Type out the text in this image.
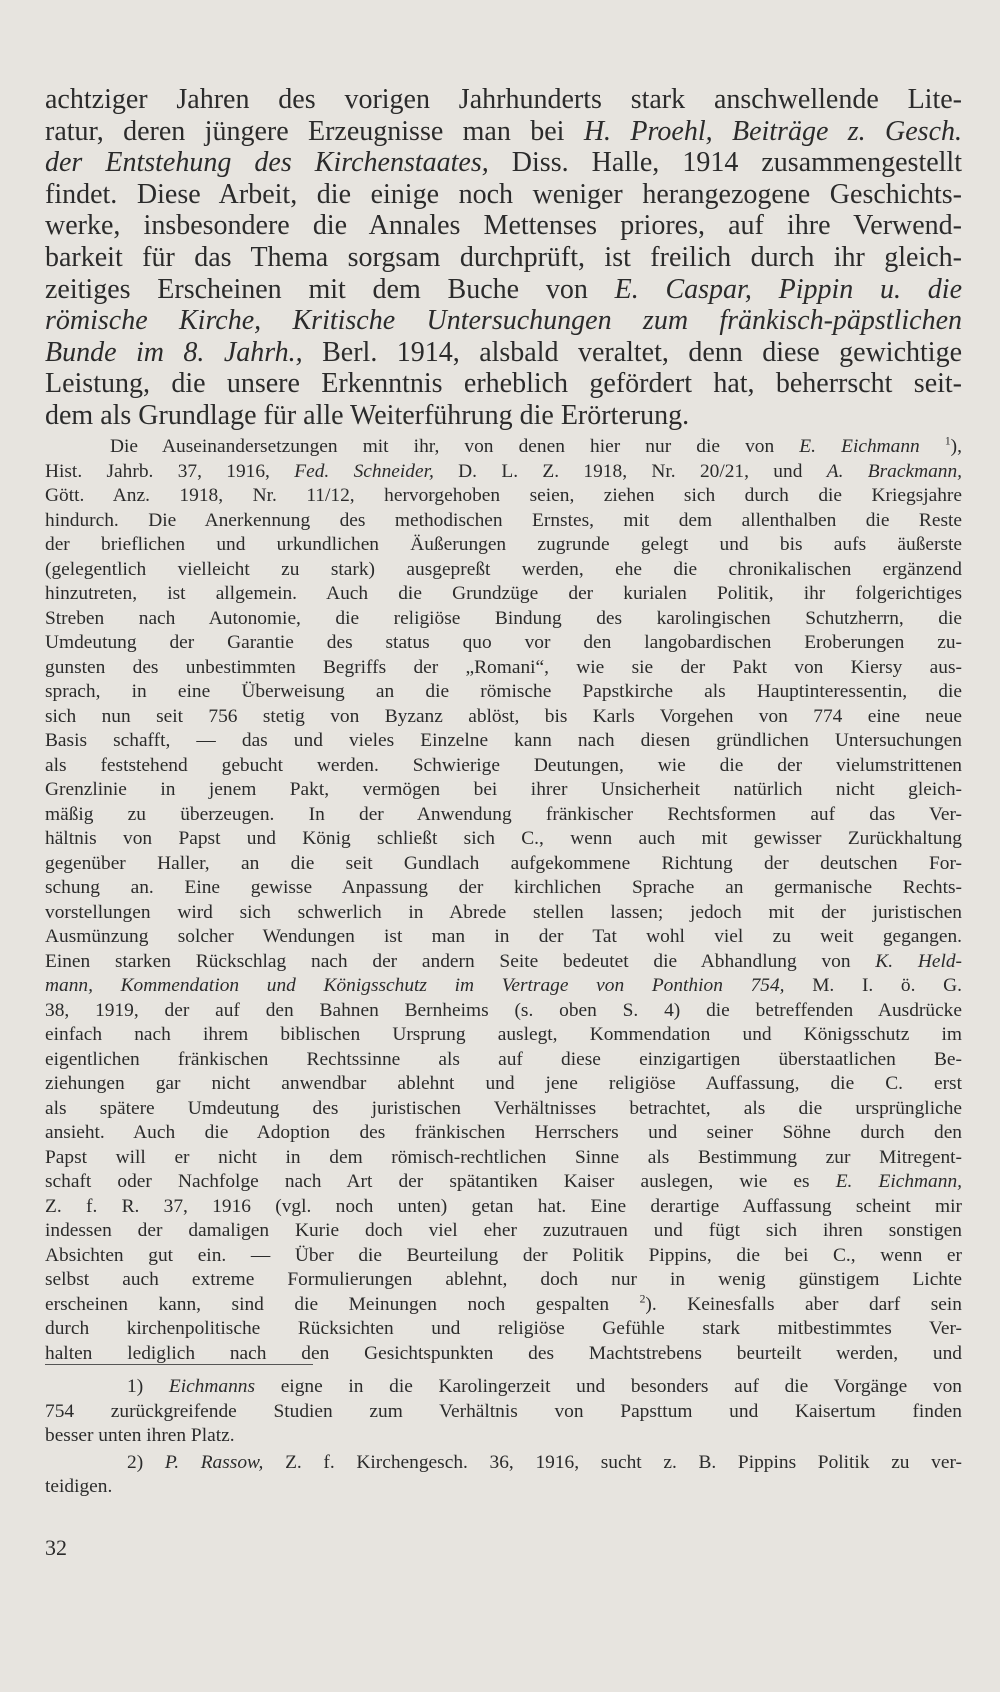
achtziger Jahren des vorigen Jahrhunderts stark anschwellende Lite-
ratur, deren jüngere Erzeugnisse man bei H. Proehl, Beiträge z. Gesch.
der Entstehung des Kirchenstaates, Diss. Halle, 1914 zusammengestellt
findet. Diese Arbeit, die einige noch weniger herangezogene Geschichts-
werke, insbesondere die Annales Mettenses priores, auf ihre Verwend-
barkeit für das Thema sorgsam durchprüft, ist freilich durch ihr gleich-
zeitiges Erscheinen mit dem Buche von E. Caspar, Pippin u. die
römische Kirche, Kritische Untersuchungen zum fränkisch-päpstlichen
Bunde im 8. Jahrh., Berl. 1914, alsbald veraltet, denn diese gewichtige
Leistung, die unsere Erkenntnis erheblich gefördert hat, beherrscht seit-
dem als Grundlage für alle Weiterführung die Erörterung.
Die Auseinandersetzungen mit ihr, von denen hier nur die von E. Eichmann $^1$),
Hist. Jahrb. 37, 1916, Fed. Schneider, D. L. Z. 1918, Nr. 20/21, und A. Brackmann,
Gött. Anz. 1918, Nr. 11/12, hervorgehoben seien, ziehen sich durch die Kriegsjahre
hindurch. Die Anerkennung des methodischen Ernstes, mit dem allenthalben die Reste
der brieflichen und urkundlichen Äußerungen zugrunde gelegt und bis aufs äußerste
(gelegentlich vielleicht zu stark) ausgepreßt werden, ehe die chronikalischen ergänzend
hinzutreten, ist allgemein. Auch die Grundzüge der kurialen Politik, ihr folgerichtiges
Streben nach Autonomie, die religiöse Bindung des karolingischen Schutzherrn, die
Umdeutung der Garantie des status quo vor den langobardischen Eroberungen zu-
gunsten des unbestimmten Begriffs der „Romani“, wie sie der Pakt von Kiersy aus-
sprach, in eine Überweisung an die römische Papstkirche als Hauptinteressentin, die
sich nun seit 756 stetig von Byzanz ablöst, bis Karls Vorgehen von 774 eine neue
Basis schafft, — das und vieles Einzelne kann nach diesen gründlichen Untersuchungen
als feststehend gebucht werden. Schwierige Deutungen, wie die der vielumstrittenen
Grenzlinie in jenem Pakt, vermögen bei ihrer Unsicherheit natürlich nicht gleich-
mäßig zu überzeugen. In der Anwendung fränkischer Rechtsformen auf das Ver-
hältnis von Papst und König schließt sich C., wenn auch mit gewisser Zurückhaltung
gegenüber Haller, an die seit Gundlach aufgekommene Richtung der deutschen For-
schung an. Eine gewisse Anpassung der kirchlichen Sprache an germanische Rechts-
vorstellungen wird sich schwerlich in Abrede stellen lassen; jedoch mit der juristischen
Ausmünzung solcher Wendungen ist man in der Tat wohl viel zu weit gegangen.
Einen starken Rückschlag nach der andern Seite bedeutet die Abhandlung von K. Held-
mann, Kommendation und Königsschutz im Vertrage von Ponthion 754, M. I. ö. G.
38, 1919, der auf den Bahnen Bernheims (s. oben S. 4) die betreffenden Ausdrücke
einfach nach ihrem biblischen Ursprung auslegt, Kommendation und Königsschutz im
eigentlichen fränkischen Rechtssinne als auf diese einzigartigen überstaatlichen Be-
ziehungen gar nicht anwendbar ablehnt und jene religiöse Auffassung, die C. erst
als spätere Umdeutung des juristischen Verhältnisses betrachtet, als die ursprüngliche
ansieht. Auch die Adoption des fränkischen Herrschers und seiner Söhne durch den
Papst will er nicht in dem römisch-rechtlichen Sinne als Bestimmung zur Mitregent-
schaft oder Nachfolge nach Art der spätantiken Kaiser auslegen, wie es E. Eichmann,
Z. f. R. 37, 1916 (vgl. noch unten) getan hat. Eine derartige Auffassung scheint mir
indessen der damaligen Kurie doch viel eher zuzutrauen und fügt sich ihren sonstigen
Absichten gut ein. — Über die Beurteilung der Politik Pippins, die bei C., wenn er
selbst auch extreme Formulierungen ablehnt, doch nur in wenig günstigem Lichte
erscheinen kann, sind die Meinungen noch gespalten $^2$). Keinesfalls aber darf sein
durch kirchenpolitische Rücksichten und religiöse Gefühle stark mitbestimmtes Ver-
halten lediglich nach den Gesichtspunkten des Machtstrebens beurteilt werden, und
1) Eichmanns eigne in die Karolingerzeit und besonders auf die Vorgänge von
754 zurückgreifende Studien zum Verhältnis von Papsttum und Kaisertum finden
besser unten ihren Platz.
2) P. Rassow, Z. f. Kirchengesch. 36, 1916, sucht z. B. Pippins Politik zu ver-
teidigen.
32
